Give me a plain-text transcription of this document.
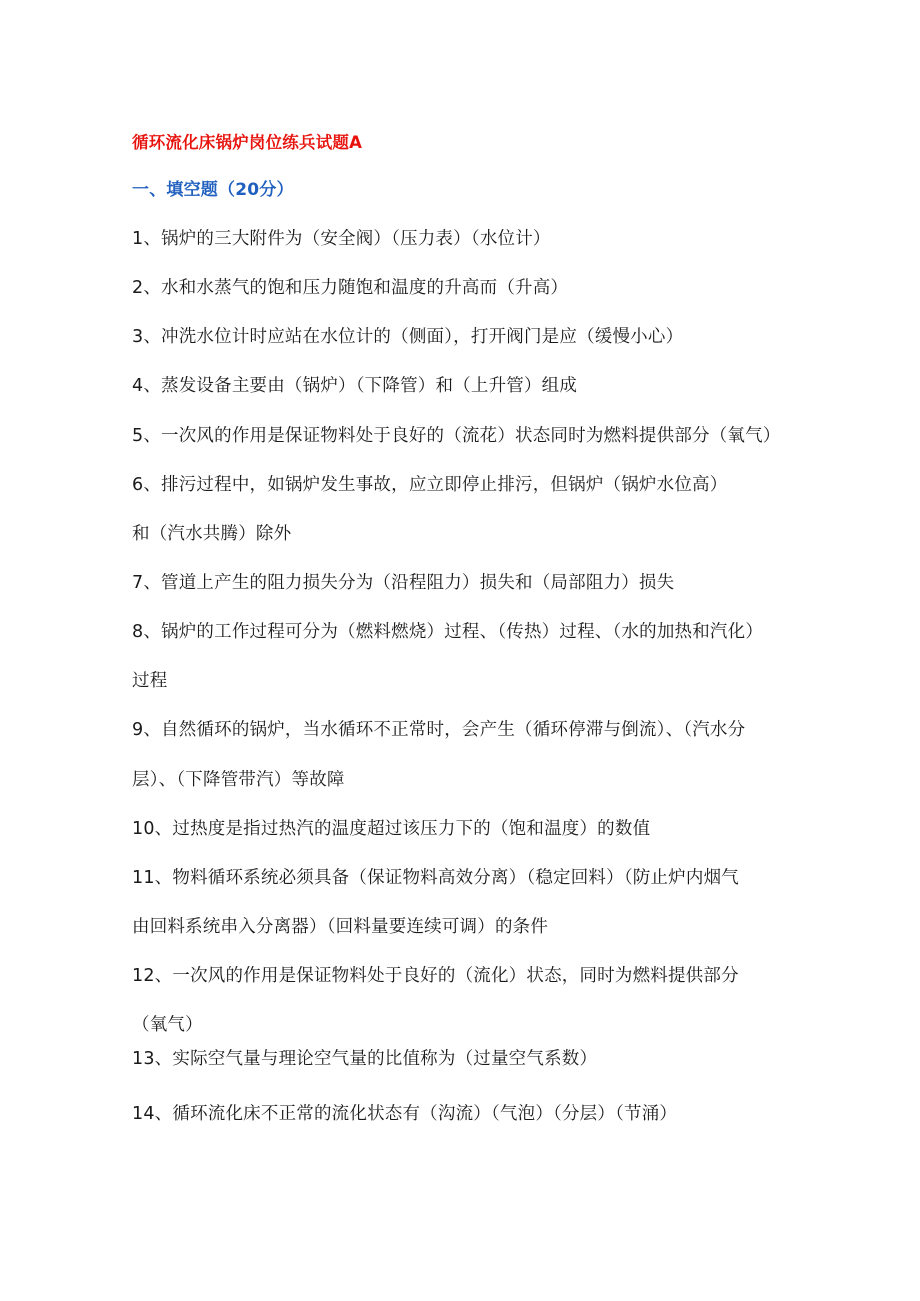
循环流化床锅炉岗位练兵试题A
一、填空题（20分）
1、锅炉的三大附件为（安全阀）（压力表）（水位计）
2、水和水蒸气的饱和压力随饱和温度的升高而（升高）
3、冲洗水位计时应站在水位计的（侧面），打开阀门是应（缓慢小心）
4、蒸发设备主要由（锅炉）（下降管）和（上升管）组成
5、一次风的作用是保证物料处于良好的（流花）状态同时为燃料提供部分（氧气）
6、排污过程中，如锅炉发生事故，应立即停止排污，但锅炉（锅炉水位高）
和（汽水共腾）除外
7、管道上产生的阻力损失分为（沿程阻力）损失和（局部阻力）损失
8、锅炉的工作过程可分为（燃料燃烧）过程、（传热）过程、（水的加热和汽化）
过程
9、自然循环的锅炉，当水循环不正常时，会产生（循环停滞与倒流）、（汽水分
层）、（下降管带汽）等故障
10、过热度是指过热汽的温度超过该压力下的（饱和温度）的数值
11、物料循环系统必须具备（保证物料高效分离）（稳定回料）（防止炉内烟气
由回料系统串入分离器）（回料量要连续可调）的条件
12、一次风的作用是保证物料处于良好的（流化）状态，同时为燃料提供部分
（氧气）
13、实际空气量与理论空气量的比值称为（过量空气系数）
14、循环流化床不正常的流化状态有（沟流）（气泡）（分层）（节涌）
